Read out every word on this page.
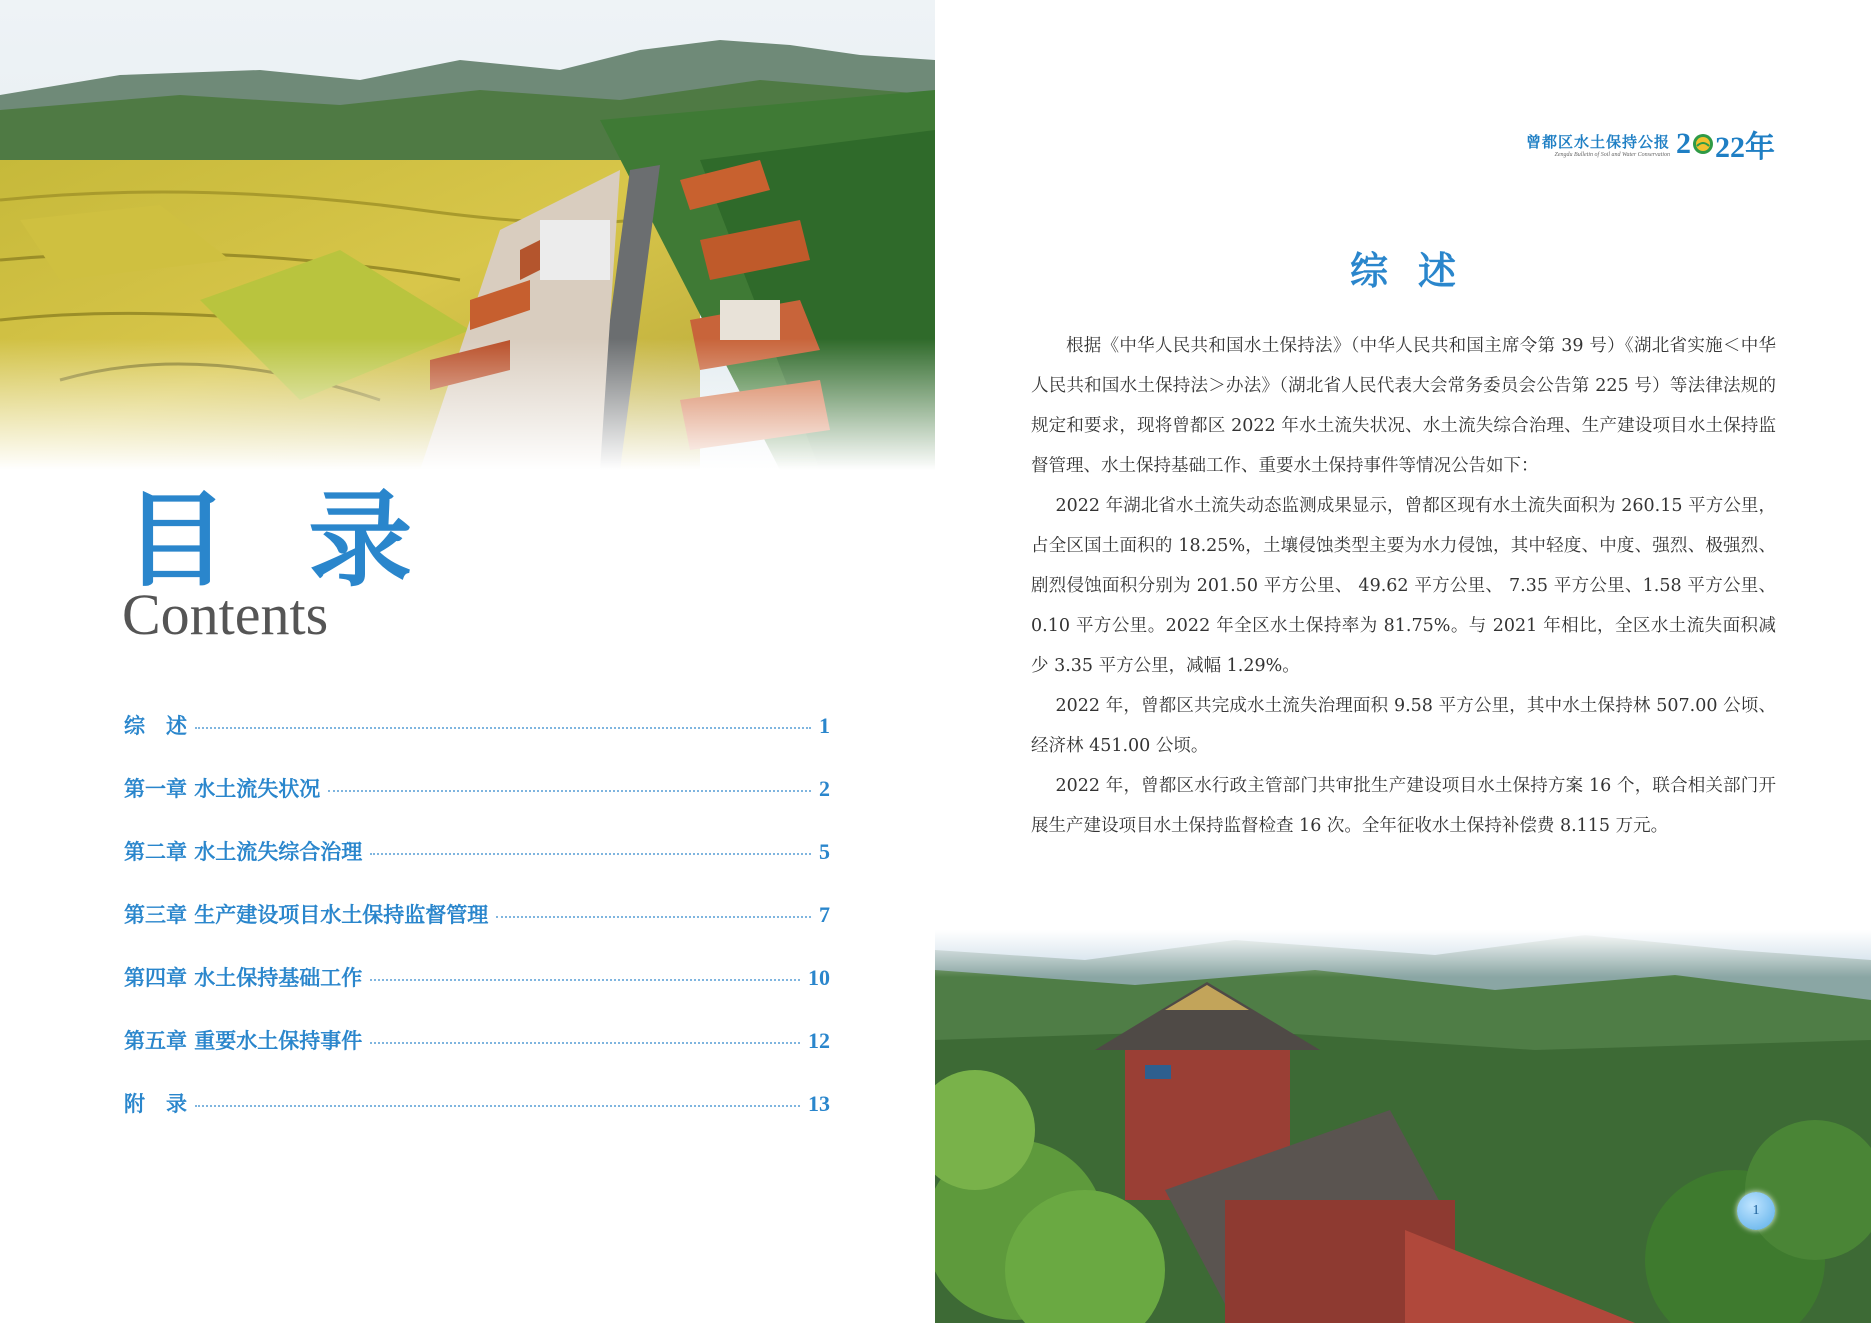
目 录
Contents
综　述	1
第一章 水土流失状况	2
第二章 水土流失综合治理	5
第三章 生产建设项目水土保持监督管理	7
第四章 水土保持基础工作	10
第五章 重要水土保持事件	12
附　录	13
曾都区水土保持公报
Zengdu Bulletin of Soil and Water Conservation 2 22年
综述

根据《中华人民共和国水土保持法》（中华人民共和国主席令第 39 号）《湖北省实施＜中华人民共和国水土保持法＞办法》（湖北省人民代表大会常务委员会公告第 225 号）等法律法规的规定和要求，现将曾都区 2022 年水土流失状况、水土流失综合治理、生产建设项目水土保持监督管理、水土保持基础工作、重要水土保持事件等情况公告如下：

2022 年湖北省水土流失动态监测成果显示，曾都区现有水土流失面积为 260.15 平方公里，占全区国土面积的 18.25%，土壤侵蚀类型主要为水力侵蚀，其中轻度、中度、强烈、极强烈、剧烈侵蚀面积分别为 201.50 平方公里、 49.62 平方公里、 7.35 平方公里、1.58 平方公里、0.10 平方公里。2022 年全区水土保持率为 81.75%。与 2021 年相比，全区水土流失面积减少 3.35 平方公里，减幅 1.29%。

2022 年，曾都区共完成水土流失治理面积 9.58 平方公里，其中水土保持林 507.00 公顷、经济林 451.00 公顷。

2022 年，曾都区水行政主管部门共审批生产建设项目水土保持方案 16 个，联合相关部门开展生产建设项目水土保持监督检查 16 次。全年征收水土保持补偿费 8.115 万元。

1
